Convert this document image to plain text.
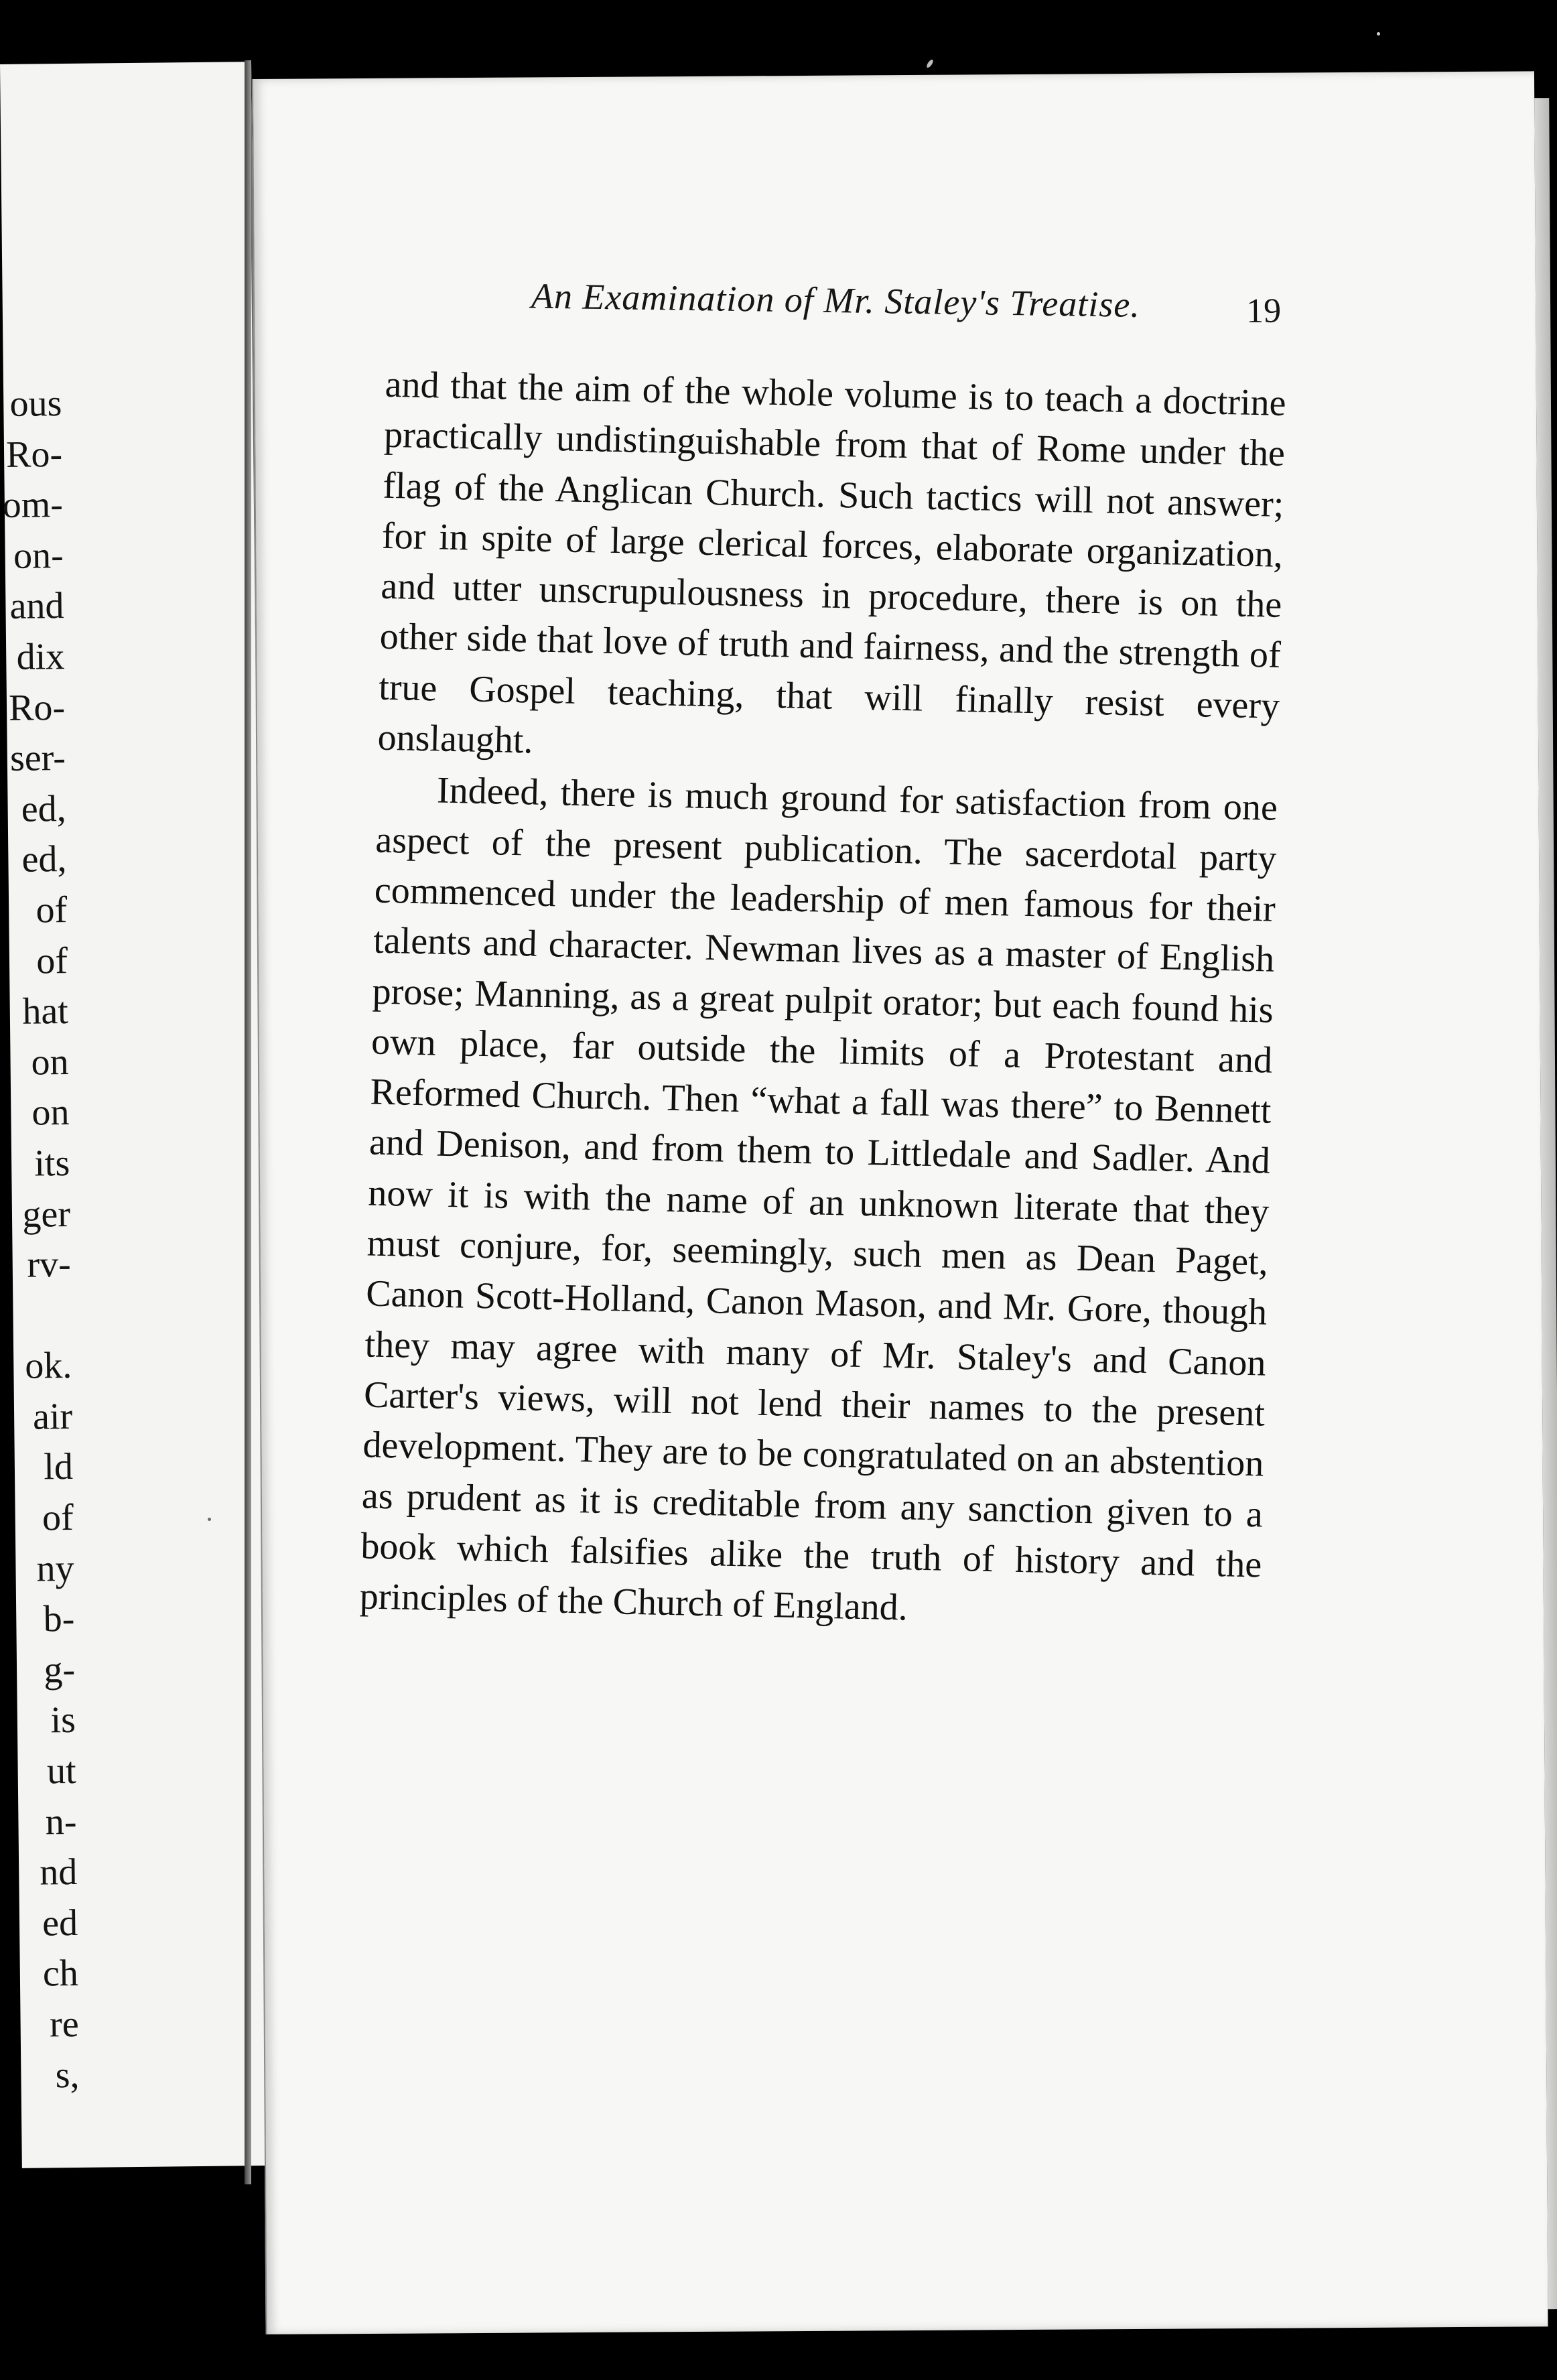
ous
Ro-
om-
on-
and
dix
Ro-
ser-
ed,
ed,
of
of
hat
on
on
its
ger
rv-
ok.
air
ld
of
ny
b-
g-
is
ut
n-
nd
ed
ch
re
s,
An Examination of Mr. Staley's Treatise.	19

and that the aim of the whole volume is to teach a doctrine practically undistinguishable from that of Rome under the flag of the Anglican Church. Such tactics will not answer; for in spite of large clerical forces, elaborate organization, and utter unscrupulousness in procedure, there is on the other side that love of truth and fairness, and the strength of true Gospel teaching, that will finally resist every onslaught.

Indeed, there is much ground for satisfaction from one aspect of the present publication. The sacerdotal party commenced under the leadership of men famous for their talents and character. Newman lives as a master of English prose; Manning, as a great pulpit orator; but each found his own place, far outside the limits of a Protestant and Reformed Church. Then “what a fall was there” to Bennett and Denison, and from them to Littledale and Sadler. And now it is with the name of an unknown literate that they must conjure, for, seemingly, such men as Dean Paget, Canon Scott-Holland, Canon Mason, and Mr. Gore, though they may agree with many of Mr. Staley's and Canon Carter's views, will not lend their names to the present development. They are to be congratulated on an abstention as prudent as it is creditable from any sanction given to a book which falsifies alike the truth of history and the principles of the Church of England.
